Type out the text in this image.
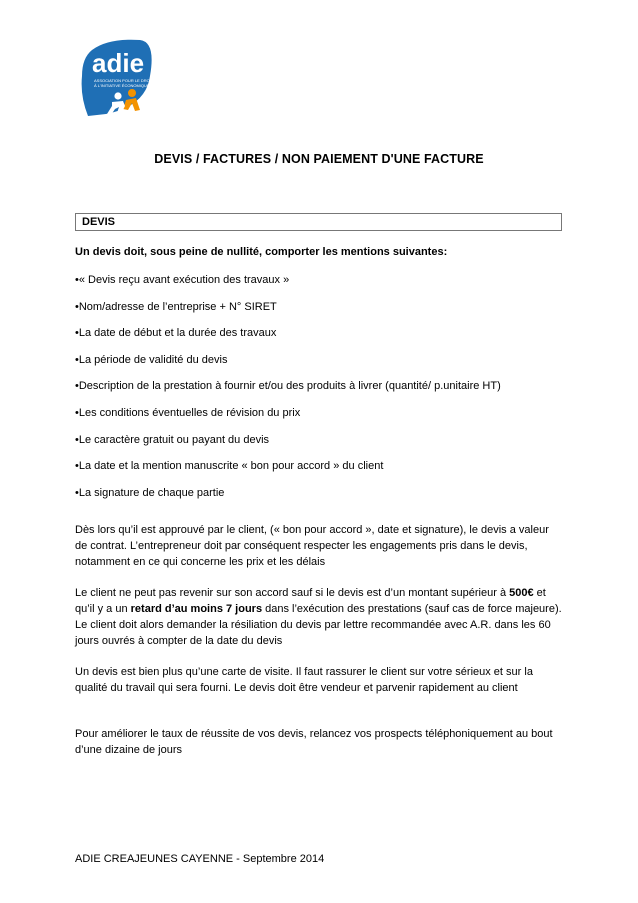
adie
ASSOCIATION POUR LE DROIT
À L'INITIATIVE ÉCONOMIQUE
DEVIS / FACTURES / NON PAIEMENT D'UNE FACTURE
DEVIS
Un devis doit, sous peine de nullité, comporter les mentions suivantes:
•« Devis reçu avant exécution des travaux »
•Nom/adresse de l’entreprise + N° SIRET
•La date de début et la durée des travaux
•La période de validité du devis
•Description de la prestation à fournir et/ou des produits à livrer (quantité/ p.unitaire HT)
•Les conditions éventuelles de révision du prix
•Le caractère gratuit ou payant du devis
•La date et la mention manuscrite « bon pour accord » du client
•La signature de chaque partie

Dès lors qu’il est approuvé par le client, (« bon pour accord », date et signature), le devis a valeur de contrat. L’entrepreneur doit par conséquent respecter les engagements pris dans le devis, notamment en ce qui concerne les prix et les délais

Le client ne peut pas revenir sur son accord sauf si le devis est d’un montant supérieur à 500€ et qu’il y a un retard d’au moins 7 jours dans l’exécution des prestations (sauf cas de force majeure). Le client doit alors demander la résiliation du devis par lettre recommandée avec A.R. dans les 60 jours ouvrés à compter de la date du devis

Un devis est bien plus qu’une carte de visite. Il faut rassurer le client sur votre sérieux et sur la qualité du travail qui sera fourni. Le devis doit être vendeur et parvenir rapidement au client

Pour améliorer le taux de réussite de vos devis, relancez vos prospects téléphoniquement au bout d’une dizaine de jours

ADIE CREAJEUNES CAYENNE - Septembre 2014
